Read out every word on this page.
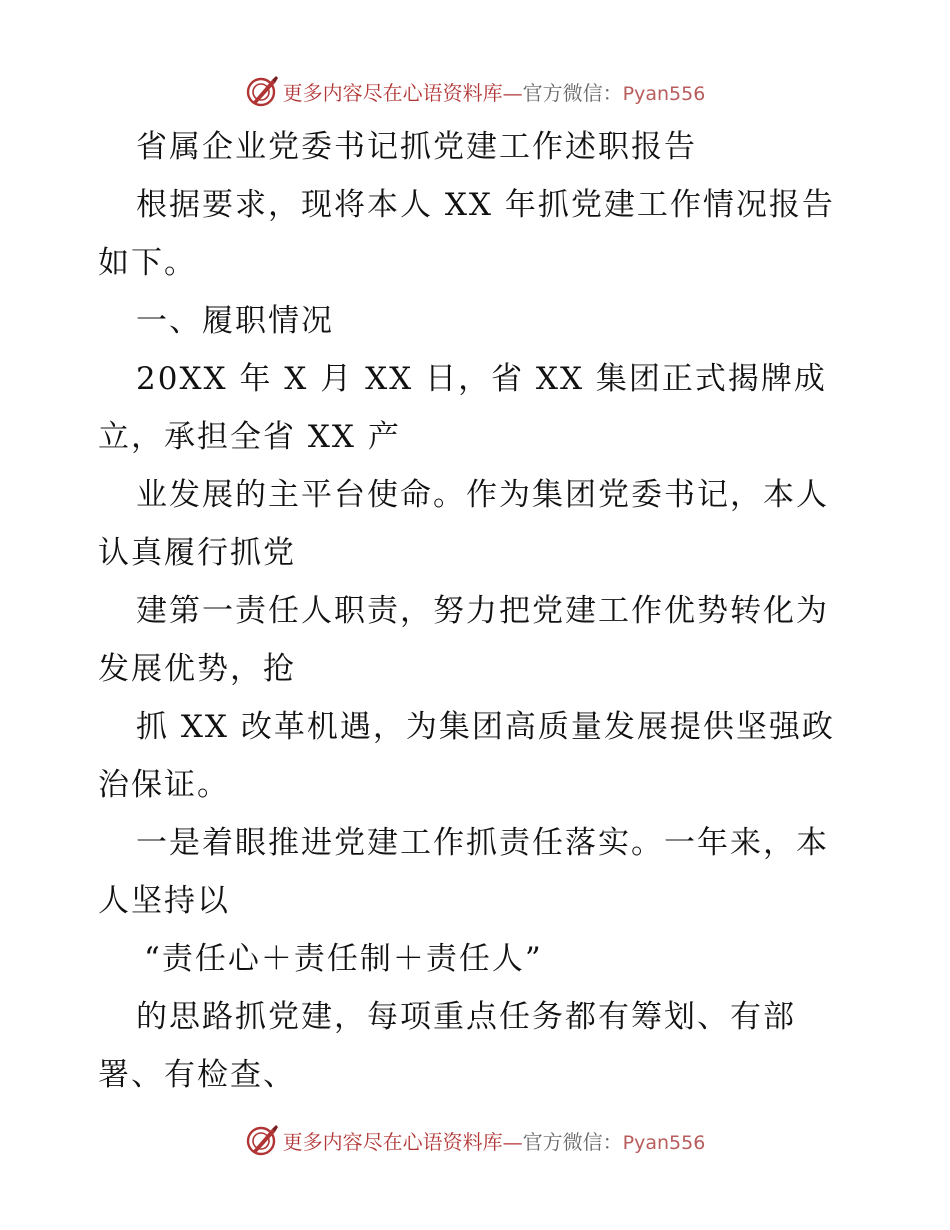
更多内容尽在心语资料库—官方微信：Pyan556
省属企业党委书记抓党建工作述职报告
根据要求，现将本人 XX 年抓党建工作情况报告
如下。
一、履职情况
20XX 年 X 月 XX 日，省 XX 集团正式揭牌成
立，承担全省 XX 产
业发展的主平台使命。作为集团党委书记，本人
认真履行抓党
建第一责任人职责，努力把党建工作优势转化为
发展优势，抢
抓 XX 改革机遇，为集团高质量发展提供坚强政
治保证。
一是着眼推进党建工作抓责任落实。一年来，本
人坚持以
“责任心＋责任制＋责任人”
的思路抓党建，每项重点任务都有筹划、有部
署、有检查、
更多内容尽在心语资料库—官方微信：Pyan556
